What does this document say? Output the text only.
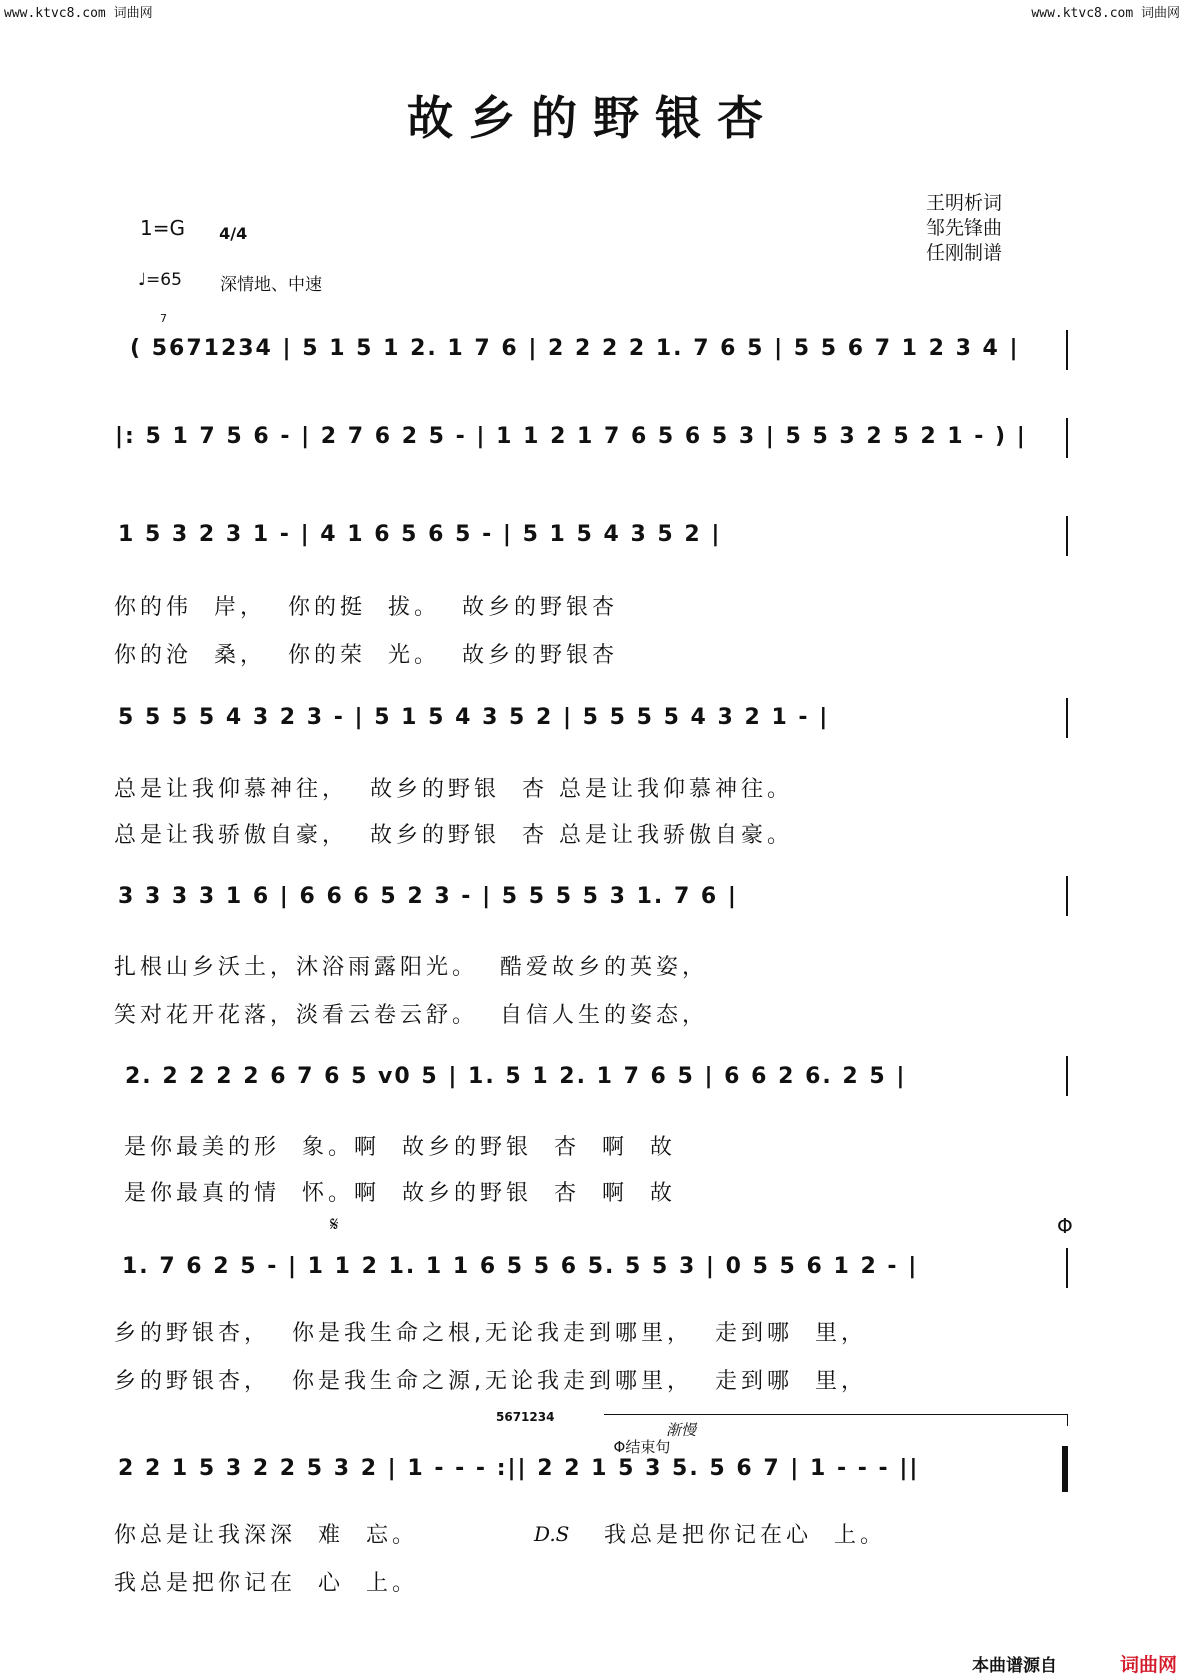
www.ktvc8.com 词曲网	www.ktvc8.com 词曲网
故乡的野银杏
王明析词
邹先锋曲
任刚制谱
1=G	4/4

♩=65 深情地、中速
7
( 5671234 | 5 1 5 1 2. 1 7 6 | 2 2 2 2 1. 7 6 5 | 5 5 6 7 1 2 3 4 |
|: 5 1 7 5 6 - | 2 7 6 2 5 - | 1 1 2 1 7 6 5 6 5 3 | 5 5 3 2 5 2 1 - ) |
1 5 3 2 3 1 - | 4 1 6 5 6 5 - | 5 1 5 4 3 5 2 |
你的伟  岸，  你的挺  拔。  故乡的野银杏
你的沧  桑，  你的荣  光。  故乡的野银杏
5 5 5 5 4 3 2 3 - | 5 1 5 4 3 5 2 | 5 5 5 5 4 3 2 1 - |
总是让我仰慕神往，  故乡的野银  杏 总是让我仰慕神往。
总是让我骄傲自豪，  故乡的野银  杏 总是让我骄傲自豪。
3 3 3 3 1 6 | 6 6 6 5 2 3 - | 5 5 5 5 3 1. 7 6 |
扎根山乡沃土，沐浴雨露阳光。  酷爱故乡的英姿，
笑对花开花落，淡看云卷云舒。  自信人生的姿态，
2. 2 2 2 2 6 7 6 5 v0 5 | 1. 5 1 2. 1 7 6 5 | 6 6 2 6. 2 5 |
是你最美的形  象。啊  故乡的野银  杏  啊  故
是你最真的情  怀。啊  故乡的野银  杏  啊  故
𝄋	Φ
1. 7 6 2 5 - | 1 1 2 1. 1 1 6 5 5 6 5. 5 5 3 | 0 5 5 6 1 2 - |
乡的野银杏，  你是我生命之根,无论我走到哪里，  走到哪  里，
乡的野银杏，  你是我生命之源,无论我走到哪里，  走到哪  里，
5671234

Φ结束句

渐慢
2 2 1 5 3 2 2 5 3 2 | 1 - - - :|| 2 2 1 5 3 5. 5 6 7 | 1 - - - ||
你总是让我深深  难  忘。	D.S 我总是把你记在心  上。
我总是把你记在  心  上。
本曲谱源自	词曲网
